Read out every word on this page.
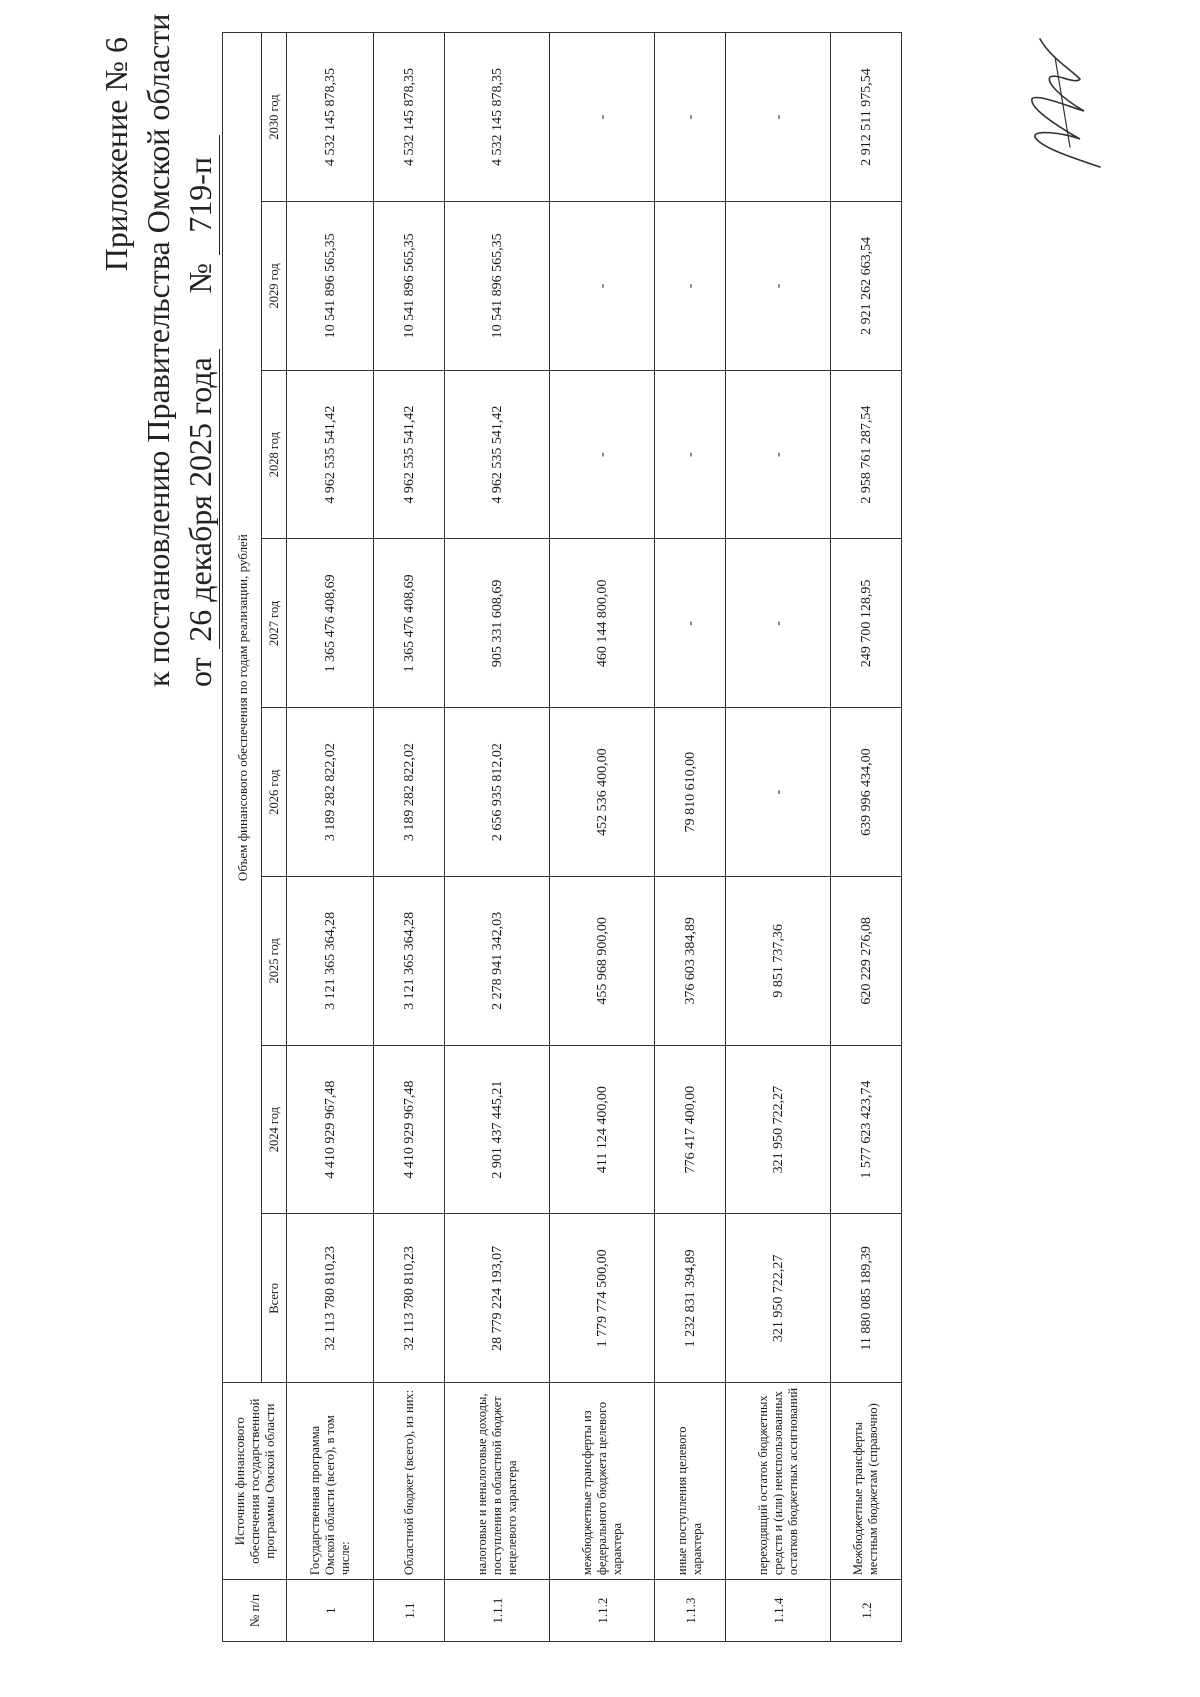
Приложение № 6 к постановлению Правительства Омской области от 26 декабря 2025 года  № 719-п
№ п/п	Источник финансового обеспечения государственной программы Омской области	Объем финансового обеспечения по годам реализации, рублей							
		Всего	2024 год	2025 год	2026 год	2027 год	2028 год	2029 год	2030 год
1	Государственная программа Омской области (всего), в том числе:	32 113 780 810,23	4 410 929 967,48	3 121 365 364,28	3 189 282 822,02	1 365 476 408,69	4 962 535 541,42	10 541 896 565,35	4 532 145 878,35
1.1	Областной бюджет (всего), из них:	32 113 780 810,23	4 410 929 967,48	3 121 365 364,28	3 189 282 822,02	1 365 476 408,69	4 962 535 541,42	10 541 896 565,35	4 532 145 878,35
1.1.1	налоговые и неналоговые доходы, поступления в областной бюджет нецелевого характера	28 779 224 193,07	2 901 437 445,21	2 278 941 342,03	2 656 935 812,02	905 331 608,69	4 962 535 541,42	10 541 896 565,35	4 532 145 878,35
1.1.2	межбюджетные трансферты из федерального бюджета целевого характера	1 779 774 500,00	411 124 400,00	455 968 900,00	452 536 400,00	460 144 800,00	-	-	-
1.1.3	иные поступления целевого характера	1 232 831 394,89	776 417 400,00	376 603 384,89	79 810 610,00	-	-	-	-
1.1.4	переходящий остаток бюджетных средств и (или) неиспользованных остатков бюджетных ассигнований	321 950 722,27	321 950 722,27	9 851 737,36	-	-	-	-	-
1.2	Межбюджетные трансферты местным бюджетам (справочно)	11 880 085 189,39	1 577 623 423,74	620 229 276,08	639 996 434,00	249 700 128,95	2 958 761 287,54	2 921 262 663,54	2 912 511 975,54
